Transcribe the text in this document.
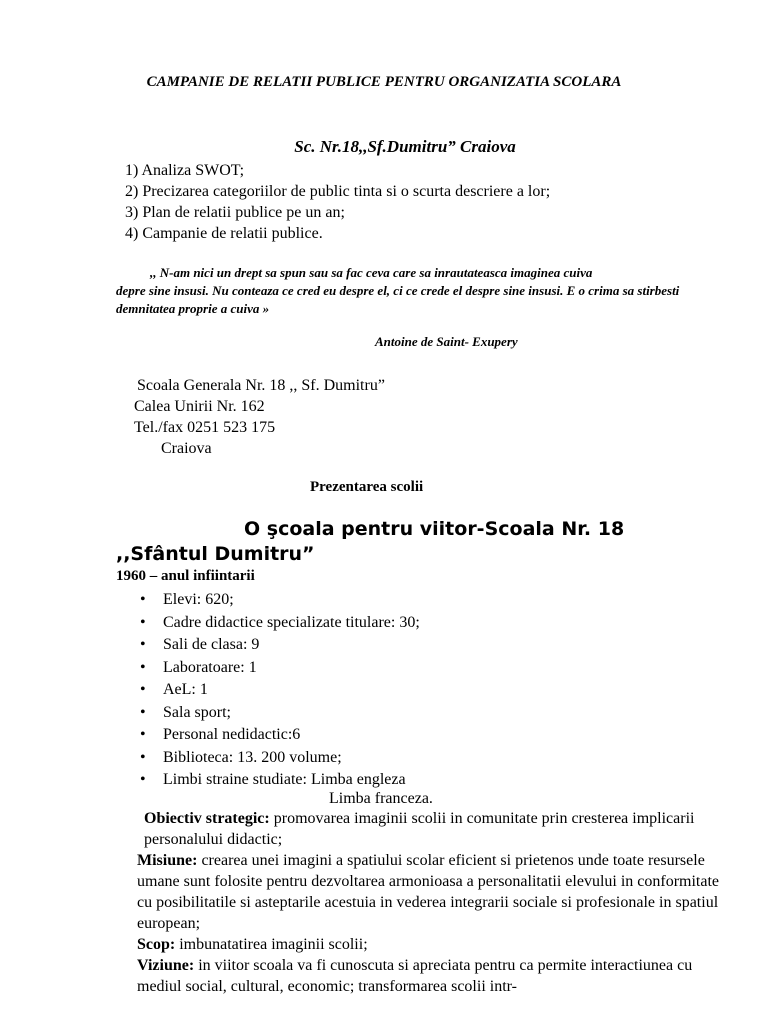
CAMPANIE DE RELATII PUBLICE PENTRU ORGANIZATIA SCOLARA
Sc. Nr.18,,Sf.Dumitru” Craiova
1) Analiza SWOT;
2) Precizarea categoriilor de public tinta si o scurta descriere a lor;
3) Plan de relatii publice pe un an;
4) Campanie de relatii publice.
,, N-am nici un drept sa spun sau sa fac ceva care sa inrautateasca imaginea cuiva
depre sine insusi. Nu conteaza ce cred eu despre el, ci ce crede el despre sine insusi. E o crima sa stirbesti demnitatea proprie a cuiva »
Antoine de Saint- Exupery
Scoala Generala Nr. 18 ,, Sf. Dumitru”
Calea Unirii Nr. 162
Tel./fax 0251 523 175
Craiova
Prezentarea scolii
O şcoala pentru viitor-Scoala Nr. 18
,,Sfântul Dumitru”
1960 – anul infiintarii
• Elevi: 620;
• Cadre didactice specializate titulare: 30;
• Sali de clasa: 9
• Laboratoare: 1
• AeL: 1
• Sala sport;
• Personal nedidactic:6
• Biblioteca: 13. 200 volume;
• Limbi straine studiate: Limba engleza
Limba franceza.

Obiectiv strategic: promovarea imaginii scolii in comunitate prin cresterea implicarii personalului didactic;

Misiune: crearea unei imagini a spatiului scolar eficient si prietenos unde toate resursele umane sunt folosite pentru dezvoltarea armonioasa a personalitatii elevului in conformitate cu posibilitatile si asteptarile acestuia in vederea integrarii sociale si profesionale in spatiul european;

Scop: imbunatatirea imaginii scolii;

Viziune: in viitor scoala va fi cunoscuta si apreciata pentru ca permite interactiunea cu mediul social, cultural, economic; transformarea scolii intr-
